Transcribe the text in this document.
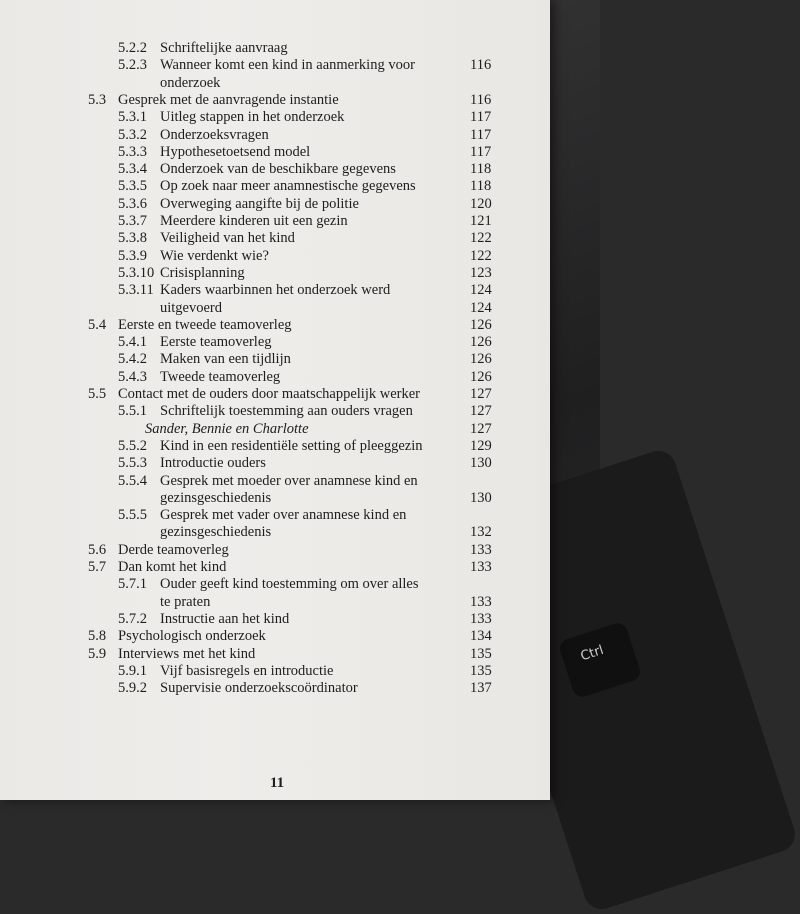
Ctrl
5.2.2 Schriftelijke aanvraag
5.2.3 Wanneer komt een kind in aanmerking voor	116
onderzoek
5.3 Gesprek met de aanvragende instantie	116
5.3.1 Uitleg stappen in het onderzoek	117
5.3.2 Onderzoeksvragen	117
5.3.3 Hypothesetoetsend model	117
5.3.4 Onderzoek van de beschikbare gegevens	118
5.3.5 Op zoek naar meer anamnestische gegevens	118
5.3.6 Overweging aangifte bij de politie	120
5.3.7 Meerdere kinderen uit een gezin	121
5.3.8 Veiligheid van het kind	122
5.3.9 Wie verdenkt wie?	122
5.3.10 Crisisplanning	123
5.3.11 Kaders waarbinnen het onderzoek werd	124
uitgevoerd	124
5.4 Eerste en tweede teamoverleg	126
5.4.1 Eerste teamoverleg	126
5.4.2 Maken van een tijdlijn	126
5.4.3 Tweede teamoverleg	126
5.5 Contact met de ouders door maatschappelijk werker	127
5.5.1 Schriftelijk toestemming aan ouders vragen	127
Sander, Bennie en Charlotte	127
5.5.2 Kind in een residentiële setting of pleeggezin	129
5.5.3 Introductie ouders	130
5.5.4 Gesprek met moeder over anamnese kind en
gezinsgeschiedenis	130
5.5.5 Gesprek met vader over anamnese kind en
gezinsgeschiedenis	132
5.6 Derde teamoverleg	133
5.7 Dan komt het kind	133
5.7.1 Ouder geeft kind toestemming om over alles
te praten	133
5.7.2 Instructie aan het kind	133
5.8 Psychologisch onderzoek	134
5.9 Interviews met het kind	135
5.9.1 Vijf basisregels en introductie	135
5.9.2 Supervisie onderzoekscoördinator	137
11
